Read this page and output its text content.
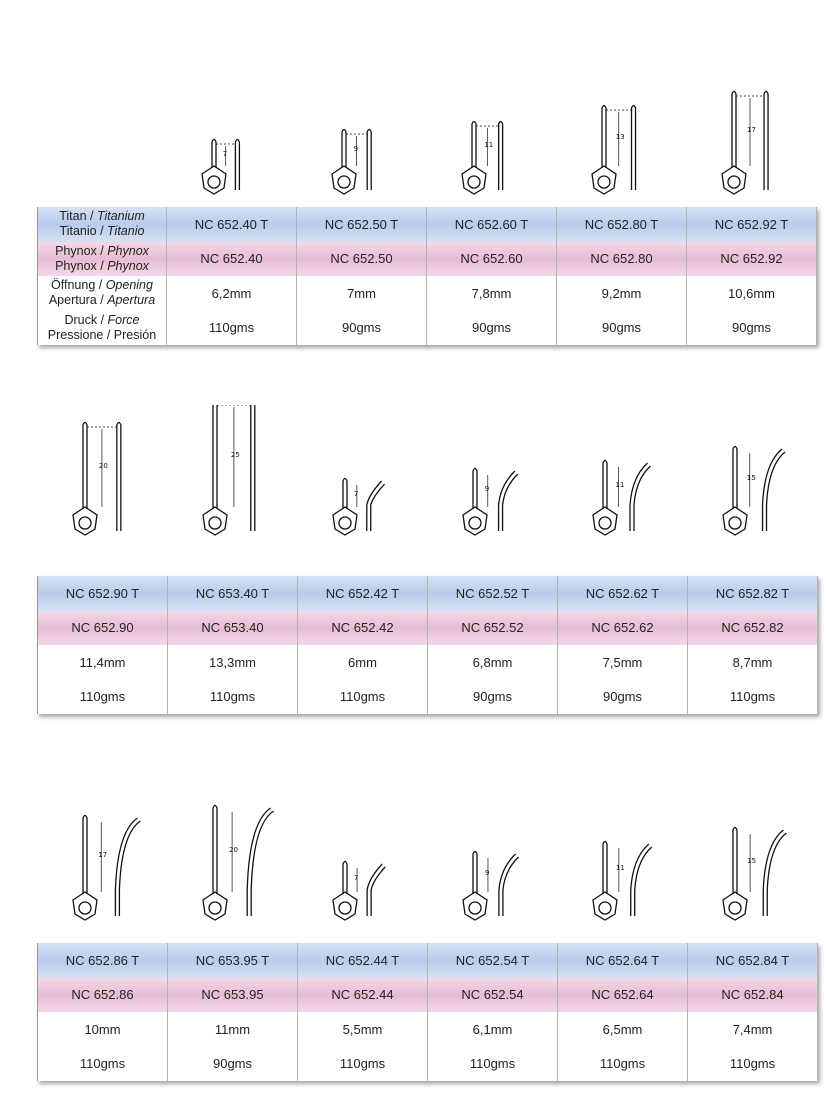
7
9	11
13
17
Titan / Titanium
Titanio / Titanio	NC 652.40 T	NC 652.50 T	NC 652.60 T	NC 652.80 T	NC 652.92 T
Phynox / Phynox
Phynox / Phynox	NC 652.40	NC 652.50	NC 652.60	NC 652.80	NC 652.92
Öffnung / Opening
Apertura / Apertura	6,2mm	7mm	7,8mm	9,2mm	10,6mm
Druck / Force
Pressione / Presión	110gms	90gms	90gms	90gms	90gms
20
25
7
9	11
15
NC 652.90 T	NC 653.40 T	NC 652.42 T	NC 652.52 T	NC 652.62 T	NC 652.82 T
NC 652.90	NC 653.40	NC 652.42	NC 652.52	NC 652.62	NC 652.82
11,4mm	13,3mm	6mm	6,8mm	7,5mm	8,7mm
110gms	110gms	110gms	90gms	90gms	110gms
17
20
7
9
11
15
NC 652.86 T	NC 653.95 T	NC 652.44 T	NC 652.54 T	NC 652.64 T	NC 652.84 T
NC 652.86	NC 653.95	NC 652.44	NC 652.54	NC 652.64	NC 652.84
10mm	11mm	5,5mm	6,1mm	6,5mm	7,4mm
110gms	90gms	110gms	110gms	110gms	110gms
